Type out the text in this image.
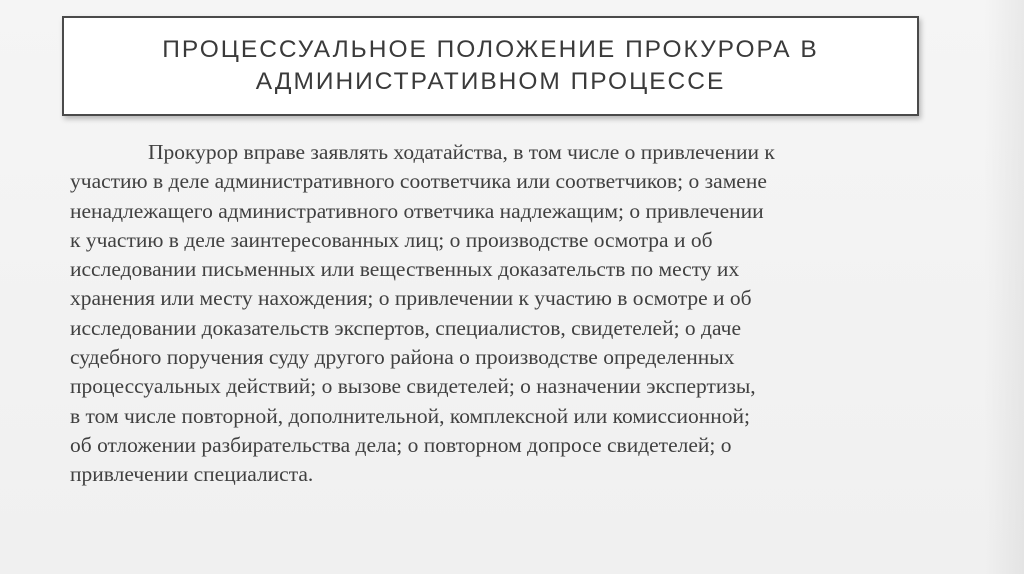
ПРОЦЕССУАЛЬНОЕ ПОЛОЖЕНИЕ ПРОКУРОРА В
АДМИНИСТРАТИВНОМ ПРОЦЕССЕ

Прокурор вправе заявлять ходатайства, в том числе о привлечении к
участию в деле административного соответчика или соответчиков; о замене
ненадлежащего административного ответчика надлежащим; о привлечении
к участию в деле заинтересованных лиц; о производстве осмотра и об
исследовании письменных или вещественных доказательств по месту их
хранения или месту нахождения; о привлечении к участию в осмотре и об
исследовании доказательств экспертов, специалистов, свидетелей; о даче
судебного поручения суду другого района о производстве определенных
процессуальных действий; о вызове свидетелей; о назначении экспертизы,
в том числе повторной, дополнительной, комплексной или комиссионной;
об отложении разбирательства дела; о повторном допросе свидетелей; о
привлечении специалиста.
